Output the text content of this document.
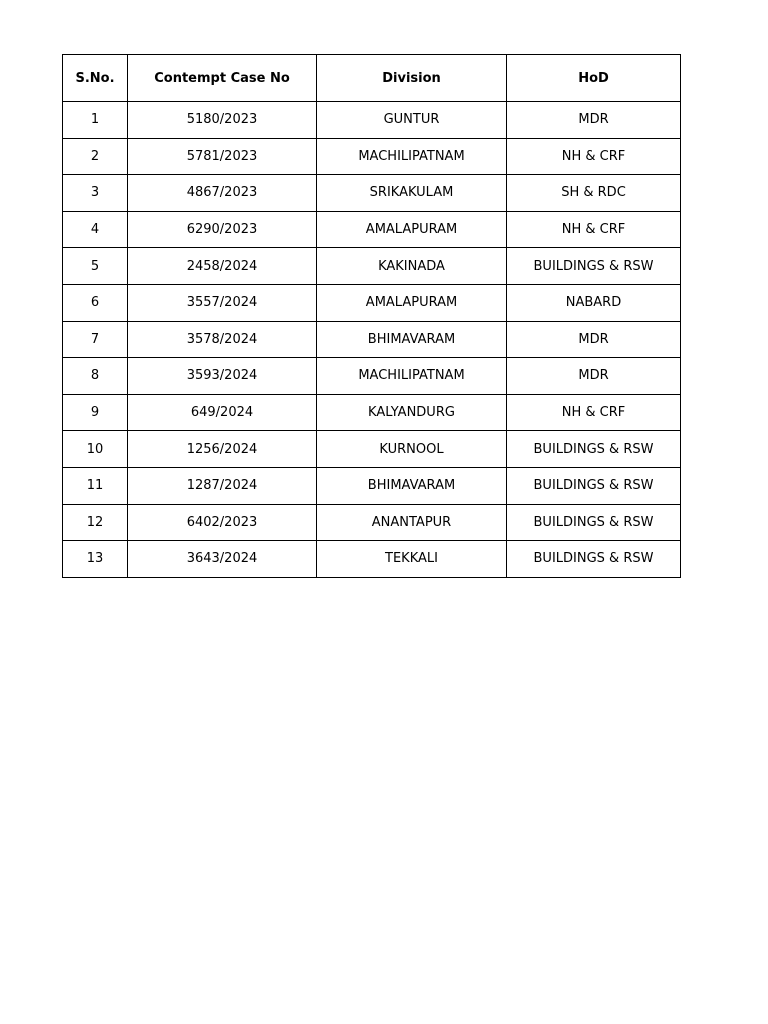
S.No.	Contempt Case No	Division	HoD
1	5180/2023	GUNTUR	MDR
2	5781/2023	MACHILIPATNAM	NH & CRF
3	4867/2023	SRIKAKULAM	SH & RDC
4	6290/2023	AMALAPURAM	NH & CRF
5	2458/2024	KAKINADA	BUILDINGS & RSW
6	3557/2024	AMALAPURAM	NABARD
7	3578/2024	BHIMAVARAM	MDR
8	3593/2024	MACHILIPATNAM	MDR
9	649/2024	KALYANDURG	NH & CRF
10	1256/2024	KURNOOL	BUILDINGS & RSW
11	1287/2024	BHIMAVARAM	BUILDINGS & RSW
12	6402/2023	ANANTAPUR	BUILDINGS & RSW
13	3643/2024	TEKKALI	BUILDINGS & RSW
